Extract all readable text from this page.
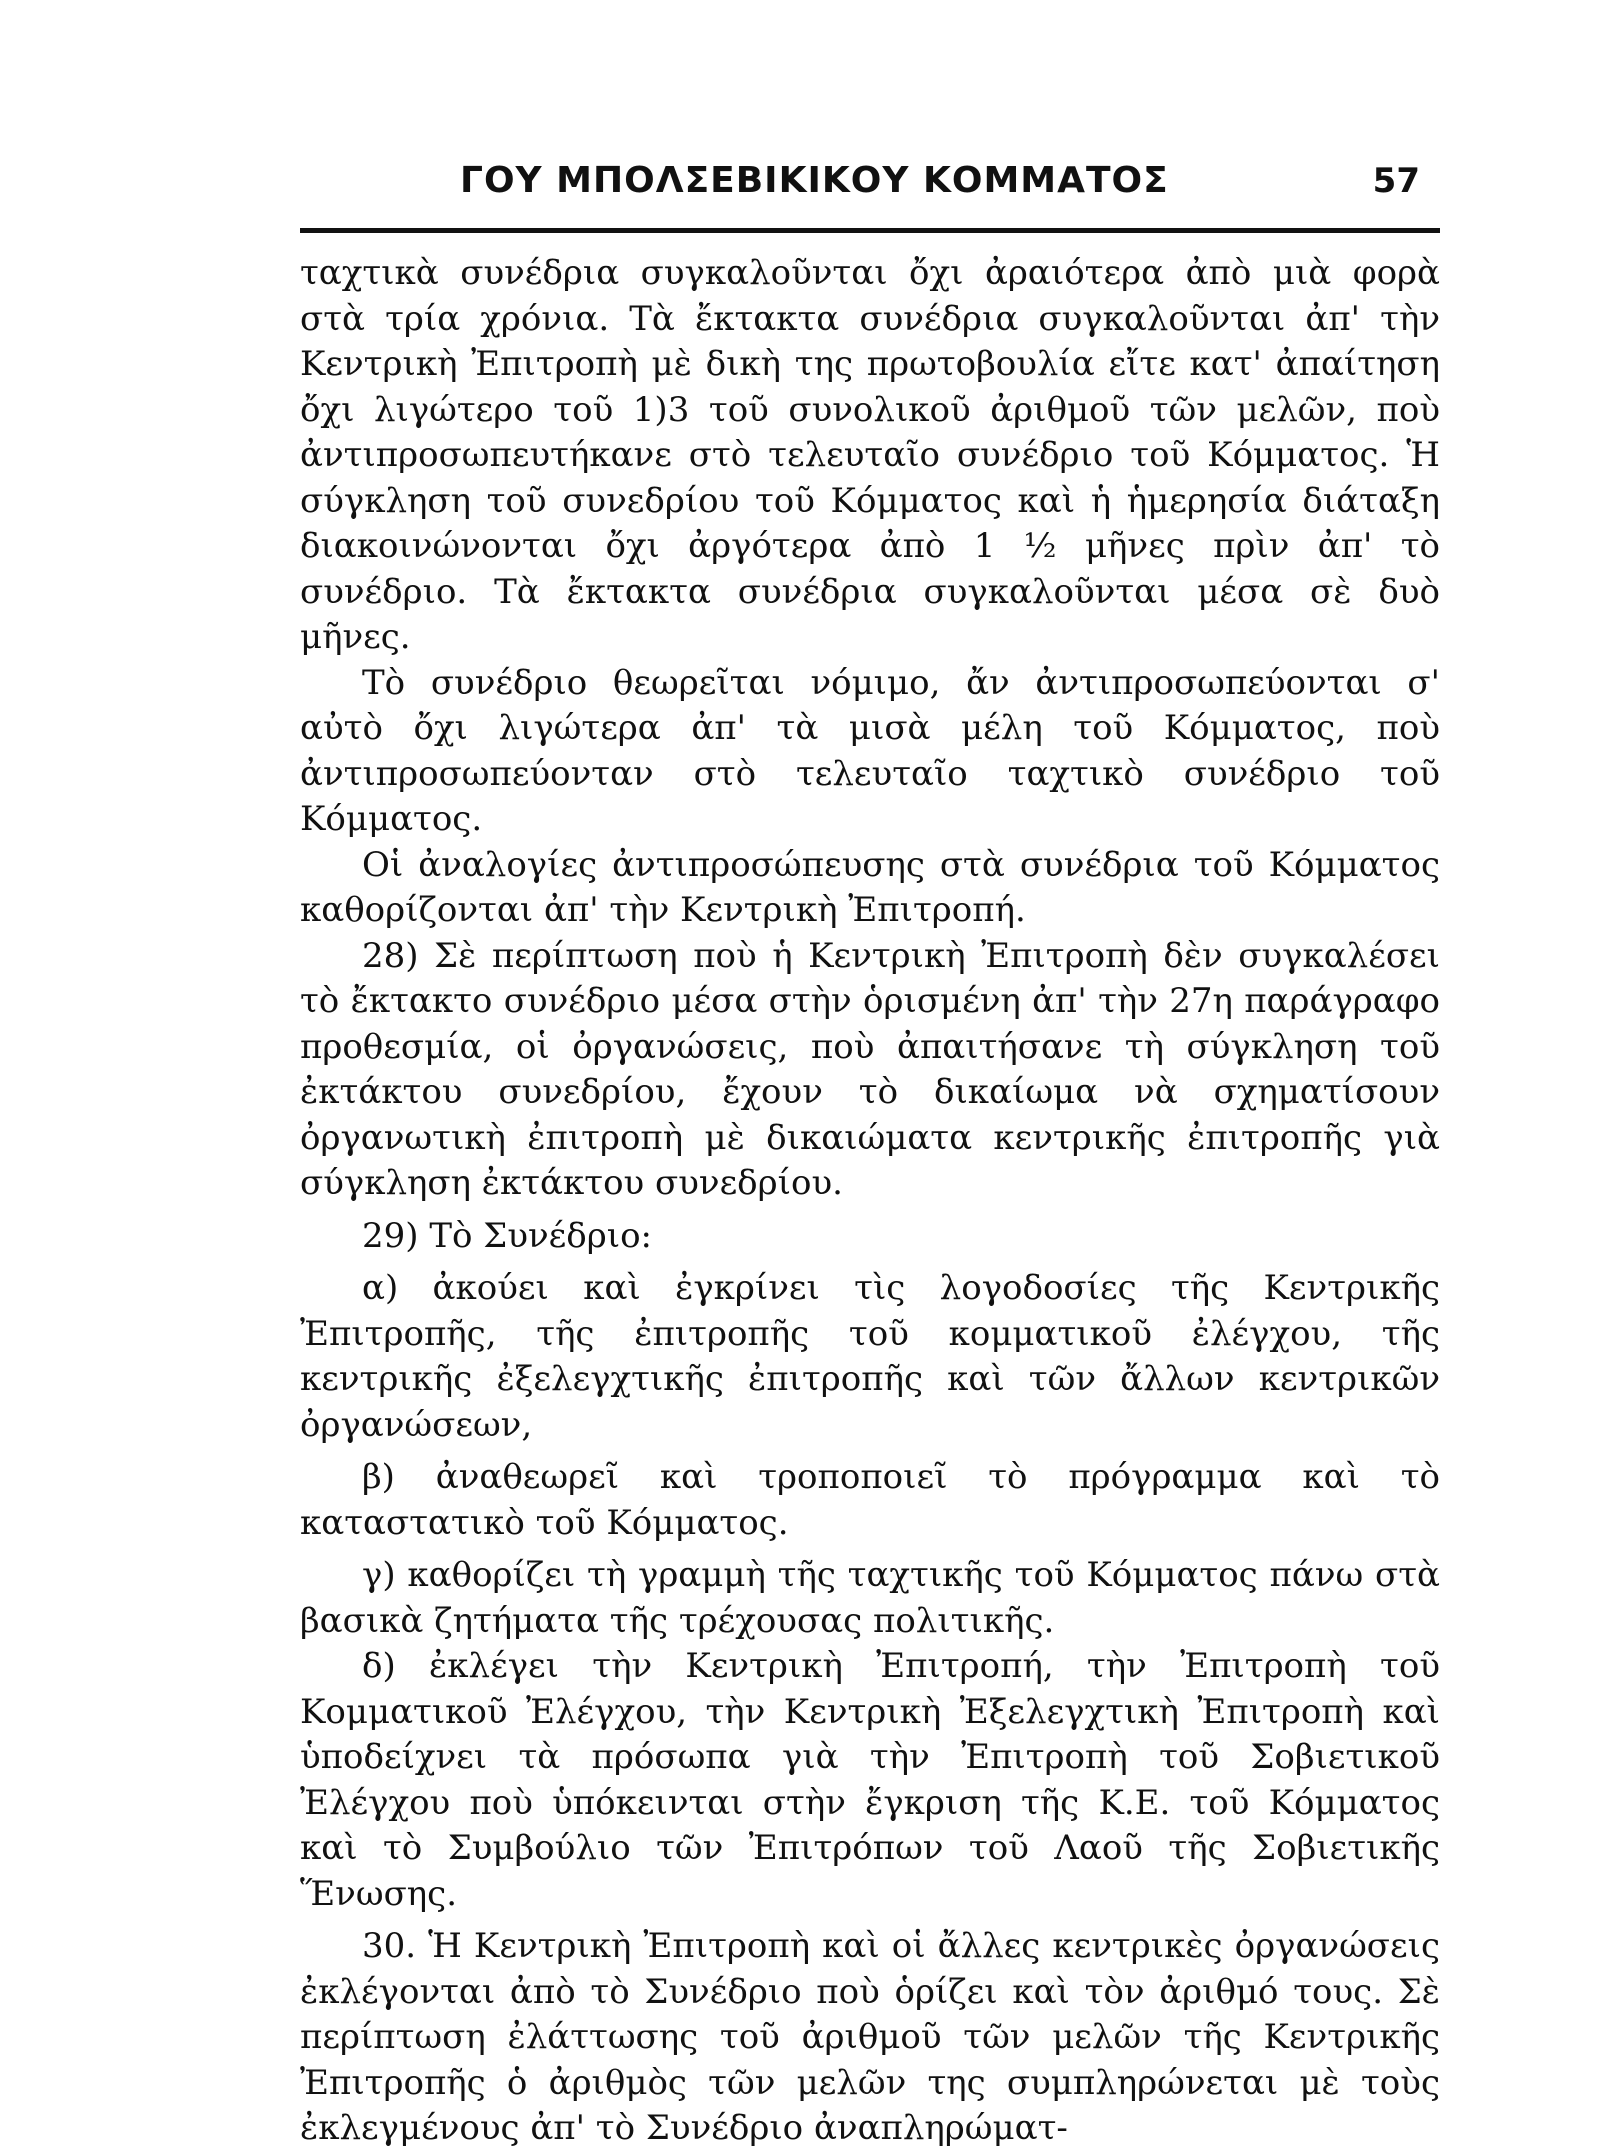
ΓΟΥ ΜΠΟΛΣΕΒΙΚΙΚΟΥ ΚΟΜΜΑΤΟΣ	57

ταχτικὰ συνέδρια συγκαλοῦνται ὄχι ἀραιότερα ἀπὸ μιὰ φορὰ στὰ τρία χρόνια. Τὰ ἔκτακτα συνέδρια συγκαλοῦνται ἀπ' τὴν Κεντρικὴ Ἐπιτροπὴ μὲ δικὴ της πρωτοβουλία εἴτε κατ' ἀπαίτηση ὄχι λιγώτερο τοῦ 1)3 τοῦ συνολικοῦ ἀριθμοῦ τῶν μελῶν, ποὺ ἀντιπροσωπευτήκανε στὸ τελευταῖο συνέδριο τοῦ Κόμματος. Ἡ σύγκληση τοῦ συνεδρίου τοῦ Κόμματος καὶ ἡ ἡμερησία διάταξη διακοινώνονται ὄχι ἀργότερα ἀπὸ 1 ½ μῆνες πρὶν ἀπ' τὸ συνέδριο. Τὰ ἔκτακτα συνέδρια συγκαλοῦνται μέσα σὲ δυὸ μῆνες.

Τὸ συνέδριο θεωρεῖται νόμιμο, ἄν ἀντιπροσωπεύονται σ' αὐτὸ ὄχι λιγώτερα ἀπ' τὰ μισὰ μέλη τοῦ Κόμματος, ποὺ ἀντιπροσωπεύονταν στὸ τελευταῖο ταχτικὸ συνέδριο τοῦ Κόμματος.

Οἱ ἀναλογίες ἀντιπροσώπευσης στὰ συνέδρια τοῦ Κόμματος καθορίζονται ἀπ' τὴν Κεντρικὴ Ἐπιτροπή.

28) Σὲ περίπτωση ποὺ ἡ Κεντρικὴ Ἐπιτροπὴ δὲν συγκαλέσει τὸ ἔκτακτο συνέδριο μέσα στὴν ὁρισμένη ἀπ' τὴν 27η παράγραφο προθεσμία, οἱ ὀργανώσεις, ποὺ ἀπαιτήσανε τὴ σύγκληση τοῦ ἐκτάκτου συνεδρίου, ἔχουν τὸ δικαίωμα νὰ σχηματίσουν ὀργανωτικὴ ἐπιτροπὴ μὲ δικαιώματα κεντρικῆς ἐπιτροπῆς γιὰ σύγκληση ἐκτάκτου συνεδρίου.

29) Τὸ Συνέδριο:

α) ἀκούει καὶ ἐγκρίνει τὶς λογοδοσίες τῆς Κεντρικῆς Ἐπιτροπῆς, τῆς ἐπιτροπῆς τοῦ κομματικοῦ ἐλέγχου, τῆς κεντρικῆς ἐξελεγχτικῆς ἐπιτροπῆς καὶ τῶν ἄλλων κεντρικῶν ὀργανώσεων,

β) ἀναθεωρεῖ καὶ τροποποιεῖ τὸ πρόγραμμα καὶ τὸ καταστατικὸ τοῦ Κόμματος.

γ) καθορίζει τὴ γραμμὴ τῆς ταχτικῆς τοῦ Κόμματος πάνω στὰ βασικὰ ζητήματα τῆς τρέχουσας πολιτικῆς.

δ) ἐκλέγει τὴν Κεντρικὴ Ἐπιτροπή, τὴν Ἐπιτροπὴ τοῦ Κομματικοῦ Ἐλέγχου, τὴν Κεντρικὴ Ἐξελεγχτικὴ Ἐπιτροπὴ καὶ ὑποδείχνει τὰ πρόσωπα γιὰ τὴν Ἐπιτροπὴ τοῦ Σοβιετικοῦ Ἐλέγχου ποὺ ὑπόκεινται στὴν ἔγκριση τῆς Κ.Ε. τοῦ Κόμματος καὶ τὸ Συμβούλιο τῶν Ἐπιτρόπων τοῦ Λαοῦ τῆς Σοβιετικῆς Ἕνωσης.

30. Ἡ Κεντρικὴ Ἐπιτροπὴ καὶ οἱ ἄλλες κεντρικὲς ὀργανώσεις ἐκλέγονται ἀπὸ τὸ Συνέδριο ποὺ ὁρίζει καὶ τὸν ἀριθμό τους. Σὲ περίπτωση ἐλάττωσης τοῦ ἀριθμοῦ τῶν μελῶν τῆς Κεντρικῆς Ἐπιτροπῆς ὁ ἀριθμὸς τῶν μελῶν της συμπληρώνεται μὲ τοὺς ἐκλεγμένους ἀπ' τὸ Συνέδριο ἀναπληρώματ-
